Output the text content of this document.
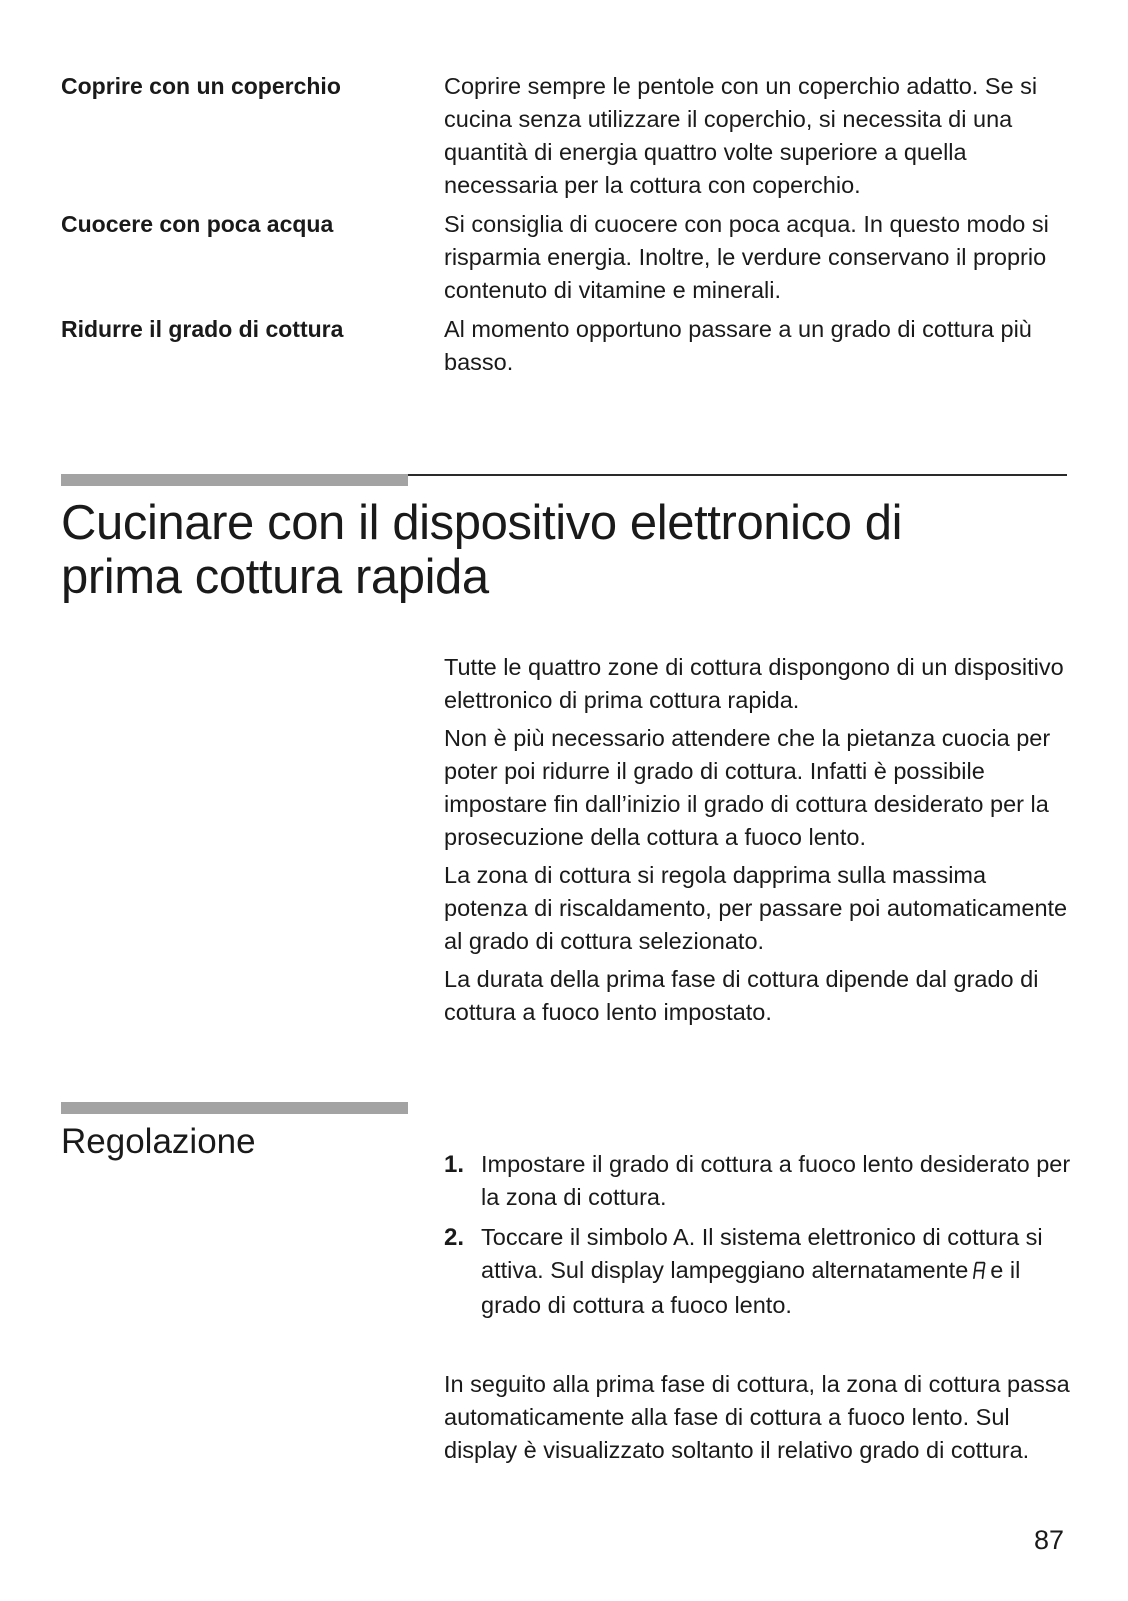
Coprire con un coperchio	Coprire sempre le pentole con un coperchio adatto. Se si cucina senza utilizzare il coperchio, si necessita di una quantità di energia quattro volte superiore a quella necessaria per la cottura con coperchio.
Cuocere con poca acqua	Si consiglia di cuocere con poca acqua. In questo modo si risparmia energia. Inoltre, le verdure conservano il proprio contenuto di vitamine e minerali.
Ridurre il grado di cottura	Al momento opportuno passare a un grado di cottura più basso.
Cucinare con il dispositivo elettronico di
prima cottura rapida

Tutte le quattro zone di cottura dispongono di un dispositivo elettronico di prima cottura rapida.

Non è più necessario attendere che la pietanza cuocia per poter poi ridurre il grado di cottura. Infatti è possibile impostare fin dall’inizio il grado di cottura desiderato per la prosecuzione della cottura a fuoco lento.

La zona di cottura si regola dapprima sulla massima potenza di riscaldamento, per passare poi automaticamente al grado di cottura selezionato.

La durata della prima fase di cottura dipende dal grado di cottura a fuoco lento impostato.

Regolazione
1. Impostare il grado di cottura a fuoco lento desiderato per la zona di cottura.
2. Toccare il simbolo A. Il sistema elettronico di cottura si attiva. Sul display lampeggiano alternatamente e il grado di cottura a fuoco lento.

In seguito alla prima fase di cottura, la zona di cottura passa automaticamente alla fase di cottura a fuoco lento. Sul display è visualizzato soltanto il relativo grado di cottura.

87
